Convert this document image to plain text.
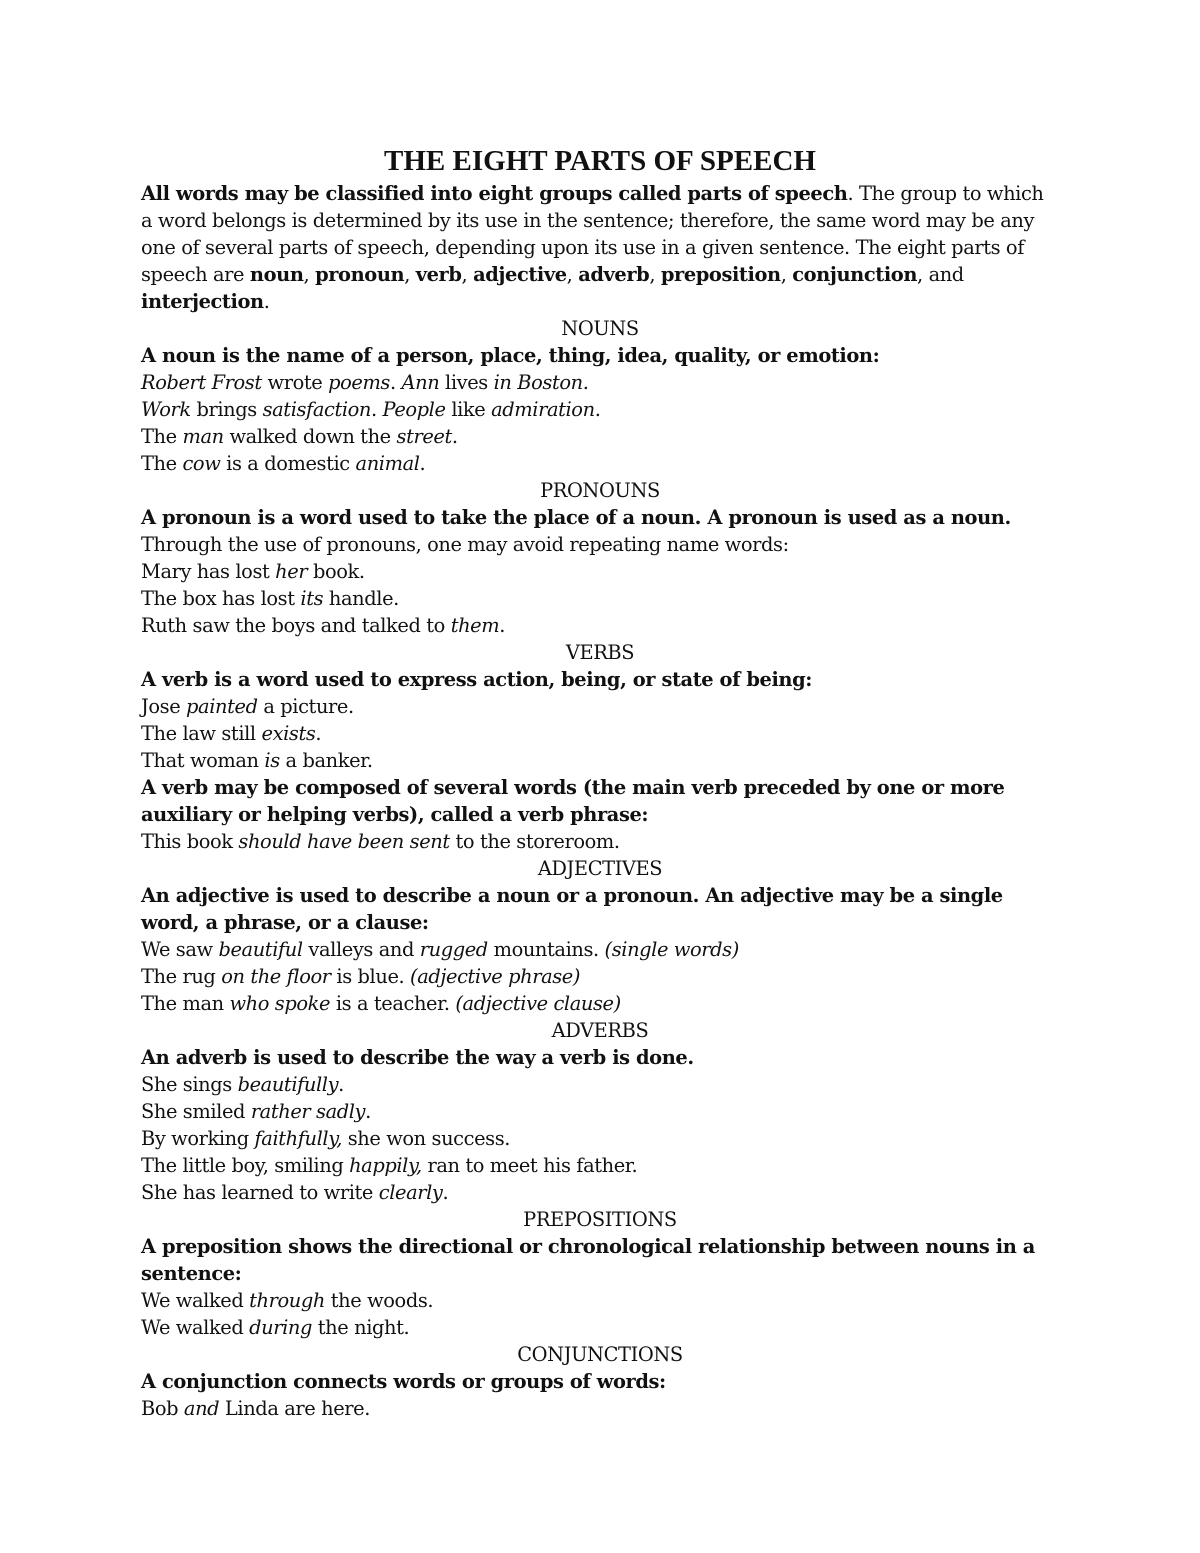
THE EIGHT PARTS OF SPEECH

All words may be classified into eight groups called parts of speech. The group to which a word belongs is determined by its use in the sentence; therefore, the same word may be any one of several parts of speech, depending upon its use in a given sentence. The eight parts of speech are noun, pronoun, verb, adjective, adverb, preposition, conjunction, and interjection.

NOUNS

A noun is the name of a person, place, thing, idea, quality, or emotion:

Robert Frost wrote poems. Ann lives in Boston.

Work brings satisfaction. People like admiration.

The man walked down the street.

The cow is a domestic animal.

PRONOUNS

A pronoun is a word used to take the place of a noun. A pronoun is used as a noun.

Through the use of pronouns, one may avoid repeating name words:

Mary has lost her book.

The box has lost its handle.

Ruth saw the boys and talked to them.

VERBS

A verb is a word used to express action, being, or state of being:

Jose painted a picture.

The law still exists.

That woman is a banker.

A verb may be composed of several words (the main verb preceded by one or more auxiliary or helping verbs), called a verb phrase:

This book should have been sent to the storeroom.

ADJECTIVES

An adjective is used to describe a noun or a pronoun. An adjective may be a single word, a phrase, or a clause:

We saw beautiful valleys and rugged mountains. (single words)

The rug on the floor is blue. (adjective phrase)

The man who spoke is a teacher. (adjective clause)

ADVERBS

An adverb is used to describe the way a verb is done.

She sings beautifully.

She smiled rather sadly.

By working faithfully, she won success.

The little boy, smiling happily, ran to meet his father.

She has learned to write clearly.

PREPOSITIONS

A preposition shows the directional or chronological relationship between nouns in a sentence:

We walked through the woods.

We walked during the night.

CONJUNCTIONS

A conjunction connects words or groups of words:

Bob and Linda are here.
